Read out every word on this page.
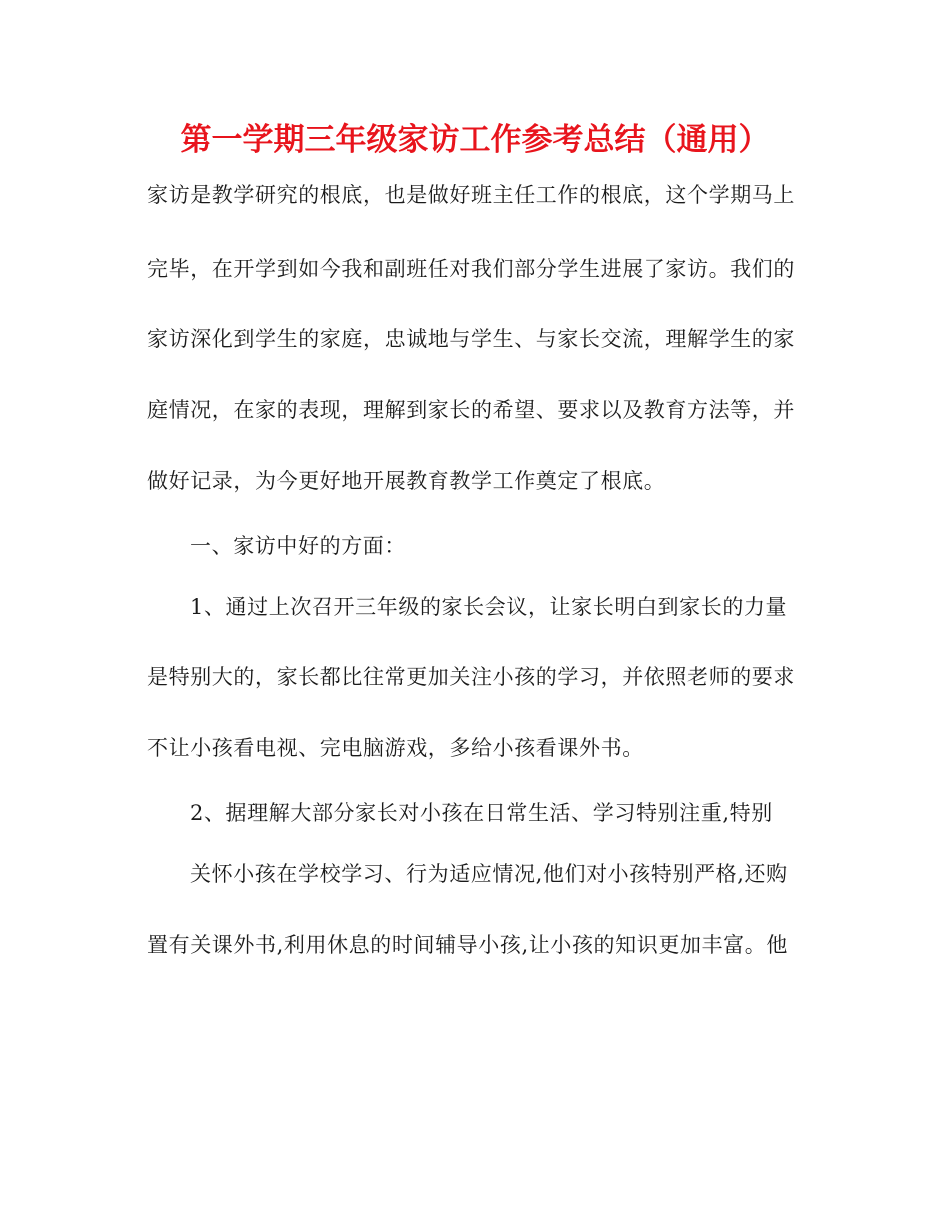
第一学期三年级家访工作参考总结（通用）
家访是教学研究的根底，也是做好班主任工作的根底，这个学期马上
完毕，在开学到如今我和副班任对我们部分学生进展了家访。我们的
家访深化到学生的家庭，忠诚地与学生、与家长交流，理解学生的家
庭情况，在家的表现，理解到家长的希望、要求以及教育方法等，并
做好记录，为今更好地开展教育教学工作奠定了根底。
一、家访中好的方面：
1、通过上次召开三年级的家长会议，让家长明白到家长的力量
是特别大的，家长都比往常更加关注小孩的学习，并依照老师的要求
不让小孩看电视、完电脑游戏，多给小孩看课外书。
2、据理解大部分家长对小孩在日常生活、学习特别注重,特别
关怀小孩在学校学习、行为适应情况,他们对小孩特别严格,还购
置有关课外书,利用休息的时间辅导小孩,让小孩的知识更加丰富。他
